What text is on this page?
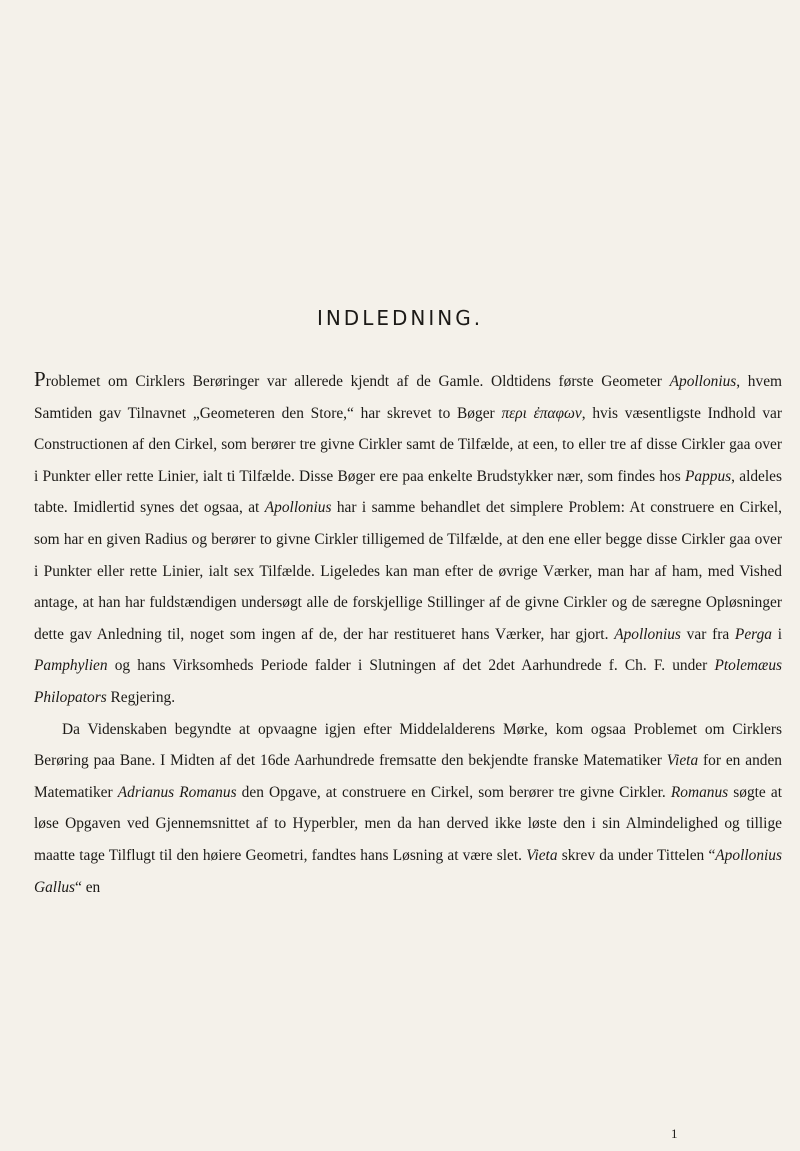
INDLEDNING.

Problemet om Cirklers Berøringer var allerede kjendt af de Gamle. Oldtidens første Geometer Apollonius, hvem Samtiden gav Tilnavnet „Geometeren den Store,“ har skrevet to Bøger περι ἐπαφων, hvis væsentligste Indhold var Constructionen af den Cirkel, som berører tre givne Cirkler samt de Tilfælde, at een, to eller tre af disse Cirkler gaa over i Punkter eller rette Linier, ialt ti Tilfælde. Disse Bøger ere paa enkelte Brudstykker nær, som findes hos Pappus, aldeles tabte. Imidlertid synes det ogsaa, at Apollonius har i samme behandlet det simplere Problem: At construere en Cirkel, som har en given Radius og berører to givne Cirkler tilligemed de Tilfælde, at den ene eller begge disse Cirkler gaa over i Punkter eller rette Linier, ialt sex Tilfælde. Ligeledes kan man efter de øvrige Værker, man har af ham, med Vished antage, at han har fuldstændigen undersøgt alle de forskjellige Stillinger af de givne Cirkler og de særegne Opløsninger dette gav Anledning til, noget som ingen af de, der har restitueret hans Værker, har gjort. Apollonius var fra Perga i Pamphylien og hans Virksomheds Periode falder i Slutningen af det 2det Aarhundrede f. Ch. F. under Ptolemæus Philopators Regjering.

Da Videnskaben begyndte at opvaagne igjen efter Middelalderens Mørke, kom ogsaa Problemet om Cirklers Berøring paa Bane. I Midten af det 16de Aarhundrede fremsatte den bekjendte franske Matematiker Vieta for en anden Matematiker Adrianus Romanus den Opgave, at construere en Cirkel, som berører tre givne Cirkler. Romanus søgte at løse Opgaven ved Gjennemsnittet af to Hyperbler, men da han derved ikke løste den i sin Almindelighed og tillige maatte tage Tilflugt til den høiere Geometri, fandtes hans Løsning at være slet. Vieta skrev da under Tittelen “Apollonius Gallus“ en

1
